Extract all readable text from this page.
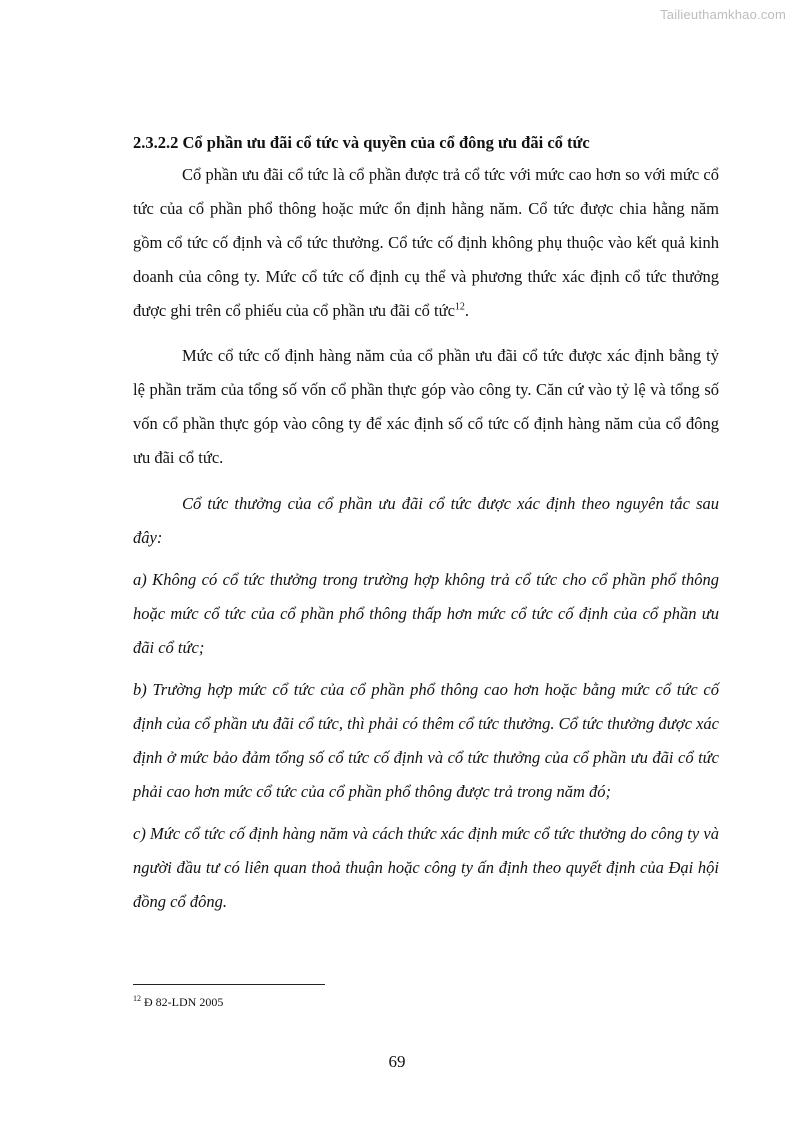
Tailieuthamkhao.com

2.3.2.2 Cổ phần ưu đãi cổ tức và quyền của cổ đông ưu đãi cổ tức

Cổ phần ưu đãi cổ tức là cổ phần được trả cổ tức với mức cao hơn so với mức cổ tức của cổ phần phổ thông hoặc mức ổn định hằng năm. Cổ tức được chia hằng năm gồm cổ tức cố định và cổ tức thưởng. Cổ tức cố định không phụ thuộc vào kết quả kinh doanh của công ty. Mức cổ tức cố định cụ thể và phương thức xác định cổ tức thưởng được ghi trên cổ phiếu của cổ phần ưu đãi cổ tức$^{12}$.

Mức cổ tức cố định hàng năm của cổ phần ưu đãi cổ tức được xác định bằng tỷ lệ phần trăm của tổng số vốn cổ phần thực góp vào công ty. Căn cứ vào tỷ lệ và tổng số vốn cổ phần thực góp vào công ty để xác định số cổ tức cố định hàng năm của cổ đông ưu đãi cổ tức.

Cổ tức thưởng của cổ phần ưu đãi cổ tức được xác định theo nguyên tắc sau đây:

a) Không có cổ tức thưởng trong trường hợp không trả cổ tức cho cổ phần phổ thông hoặc mức cổ tức của cổ phần phổ thông thấp hơn mức cổ tức cố định của cổ phần ưu đãi cổ tức;

b) Trường hợp mức cổ tức của cổ phần phổ thông cao hơn hoặc bằng mức cổ tức cố định của cổ phần ưu đãi cổ tức, thì phải có thêm cổ tức thưởng. Cổ tức thưởng được xác định ở mức bảo đảm tổng số cổ tức cố định và cổ tức thưởng của cổ phần ưu đãi cổ tức phải cao hơn mức cổ tức của cổ phần phổ thông được trả trong năm đó;

c) Mức cổ tức cố định hàng năm và cách thức xác định mức cổ tức thưởng do công ty và người đầu tư có liên quan thoả thuận hoặc công ty ấn định theo quyết định của Đại hội đồng cổ đông.

$^{12}$ Đ 82-LDN 2005
69
